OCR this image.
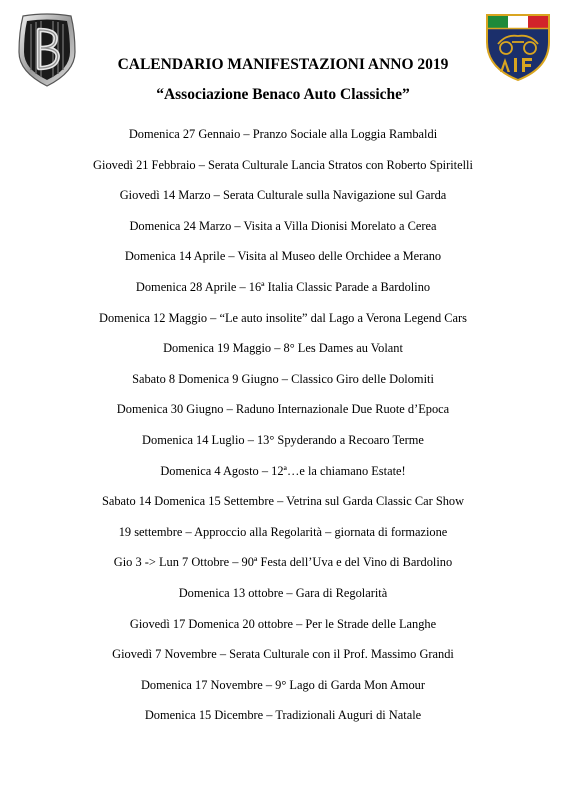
CALENDARIO MANIFESTAZIONI ANNO 2019
“Associazione Benaco Auto Classiche”
Domenica 27 Gennaio – Pranzo Sociale alla Loggia Rambaldi
Giovedì 21 Febbraio – Serata Culturale Lancia Stratos con Roberto Spiritelli
Giovedì 14 Marzo – Serata Culturale sulla Navigazione sul Garda
Domenica 24 Marzo – Visita a Villa Dionisi Morelato a Cerea
Domenica 14 Aprile – Visita al Museo delle Orchidee a Merano
Domenica 28 Aprile – 16ª Italia Classic Parade a Bardolino
Domenica 12 Maggio – “Le auto insolite” dal Lago a Verona Legend Cars
Domenica 19 Maggio – 8° Les Dames au Volant
Sabato 8 Domenica 9 Giugno – Classico Giro delle Dolomiti
Domenica 30 Giugno – Raduno Internazionale Due Ruote d’Epoca
Domenica 14 Luglio – 13° Spyderando a Recoaro Terme
Domenica 4 Agosto – 12ª…e la chiamano Estate!
Sabato 14 Domenica 15 Settembre – Vetrina sul Garda Classic Car Show
19 settembre – Approccio alla Regolarità – giornata di formazione
Gio 3 -> Lun 7 Ottobre – 90ª Festa dell’Uva e del Vino di Bardolino
Domenica 13 ottobre – Gara di Regolarità
Giovedì 17 Domenica 20 ottobre – Per le Strade delle Langhe
Giovedì 7 Novembre – Serata Culturale con il Prof. Massimo Grandi
Domenica 17 Novembre – 9° Lago di Garda Mon Amour
Domenica 15 Dicembre – Tradizionali Auguri di Natale
